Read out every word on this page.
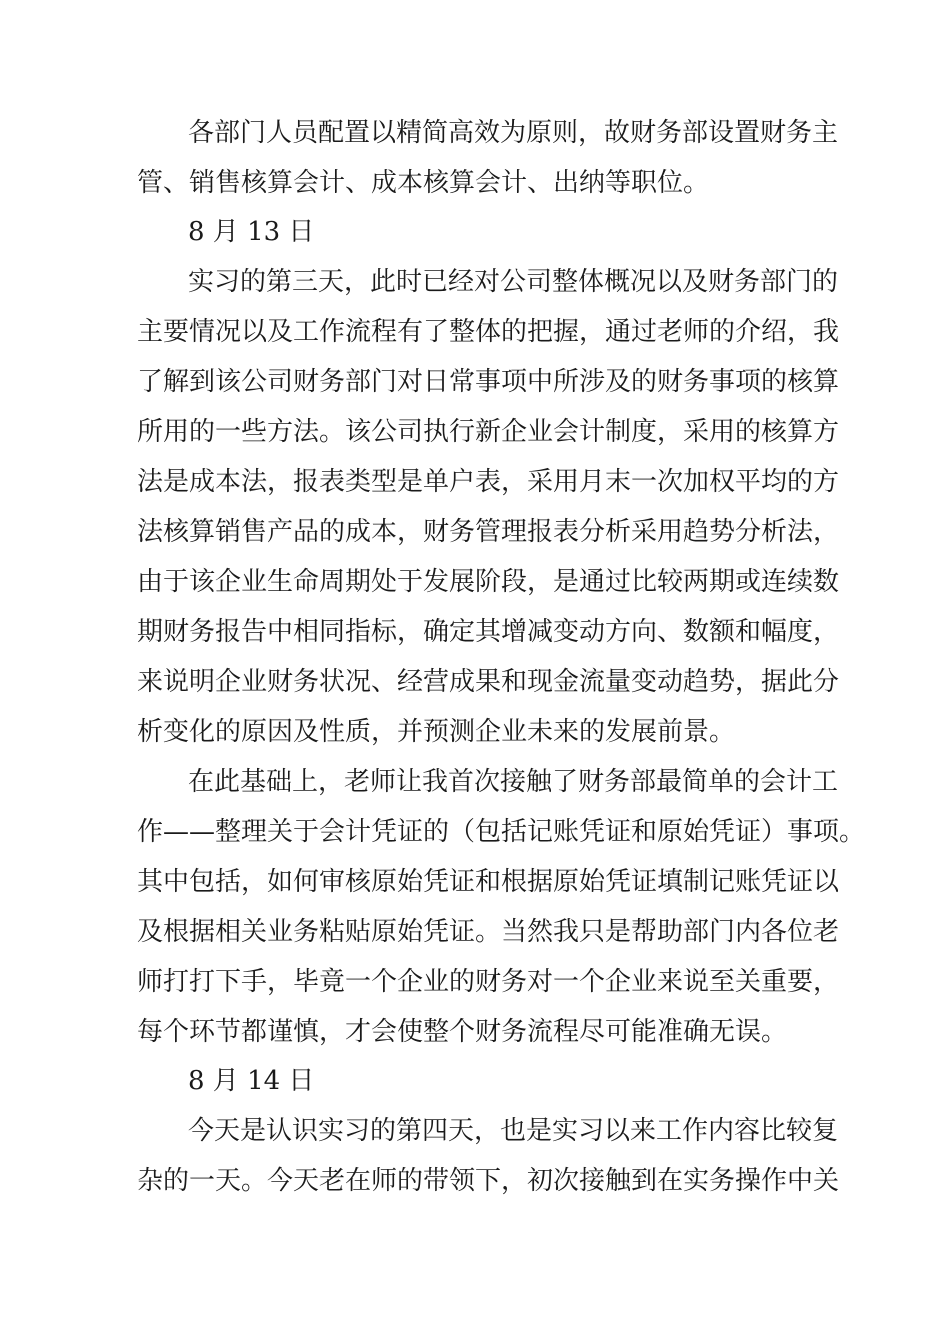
各部门人员配置以精简高效为原则，故财务部设置财务主
管、销售核算会计、成本核算会计、出纳等职位。
8 月 13 日
实习的第三天，此时已经对公司整体概况以及财务部门的
主要情况以及工作流程有了整体的把握，通过老师的介绍，我
了解到该公司财务部门对日常事项中所涉及的财务事项的核算
所用的一些方法。该公司执行新企业会计制度，采用的核算方
法是成本法，报表类型是单户表，采用月末一次加权平均的方
法核算销售产品的成本，财务管理报表分析采用趋势分析法，
由于该企业生命周期处于发展阶段，是通过比较两期或连续数
期财务报告中相同指标，确定其增减变动方向、数额和幅度，
来说明企业财务状况、经营成果和现金流量变动趋势，据此分
析变化的原因及性质，并预测企业未来的发展前景。
在此基础上，老师让我首次接触了财务部最简单的会计工
作——整理关于会计凭证的（包括记账凭证和原始凭证）事项。
其中包括，如何审核原始凭证和根据原始凭证填制记账凭证以
及根据相关业务粘贴原始凭证。当然我只是帮助部门内各位老
师打打下手，毕竟一个企业的财务对一个企业来说至关重要，
每个环节都谨慎，才会使整个财务流程尽可能准确无误。
8 月 14 日
今天是认识实习的第四天，也是实习以来工作内容比较复
杂的一天。今天老在师的带领下，初次接触到在实务操作中关
